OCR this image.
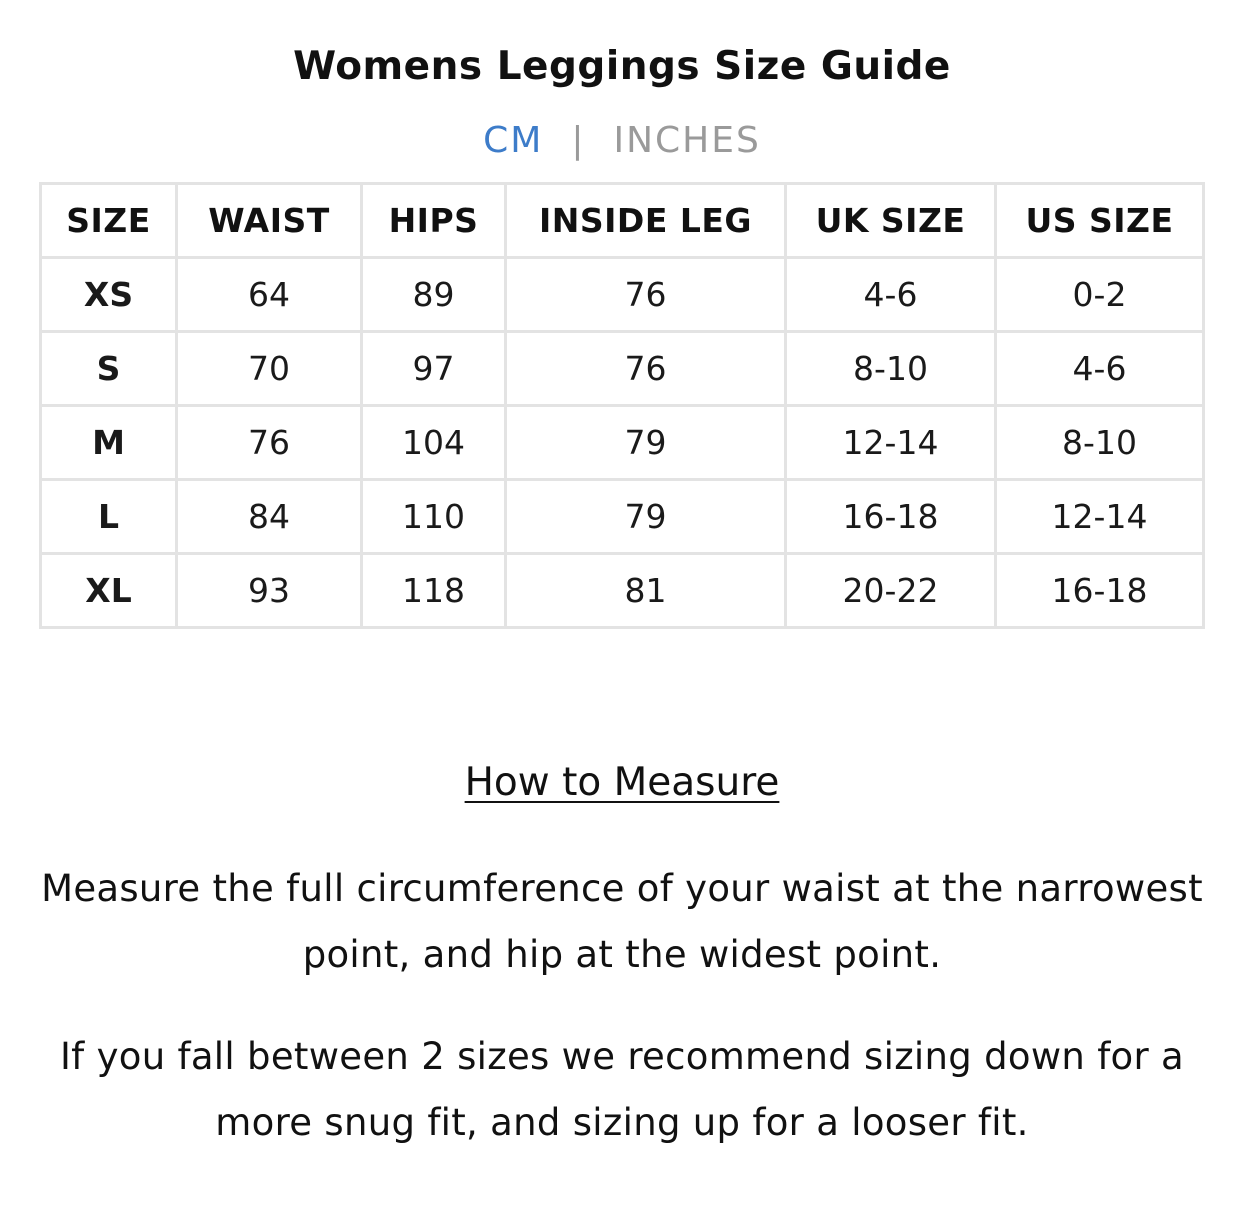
Womens Leggings Size Guide
CM | INCHES
SIZE	WAIST	HIPS	INSIDE LEG	UK SIZE	US SIZE
XS	64	89	76	4-6	0-2
S	70	97	76	8-10	4-6
M	76	104	79	12-14	8-10
L	84	110	79	16-18	12-14
XL	93	118	81	20-22	16-18
How to Measure

Measure the full circumference of your waist at the narrowest point, and hip at the widest point.

If you fall between 2 sizes we recommend sizing down for a more snug fit, and sizing up for a looser fit.
